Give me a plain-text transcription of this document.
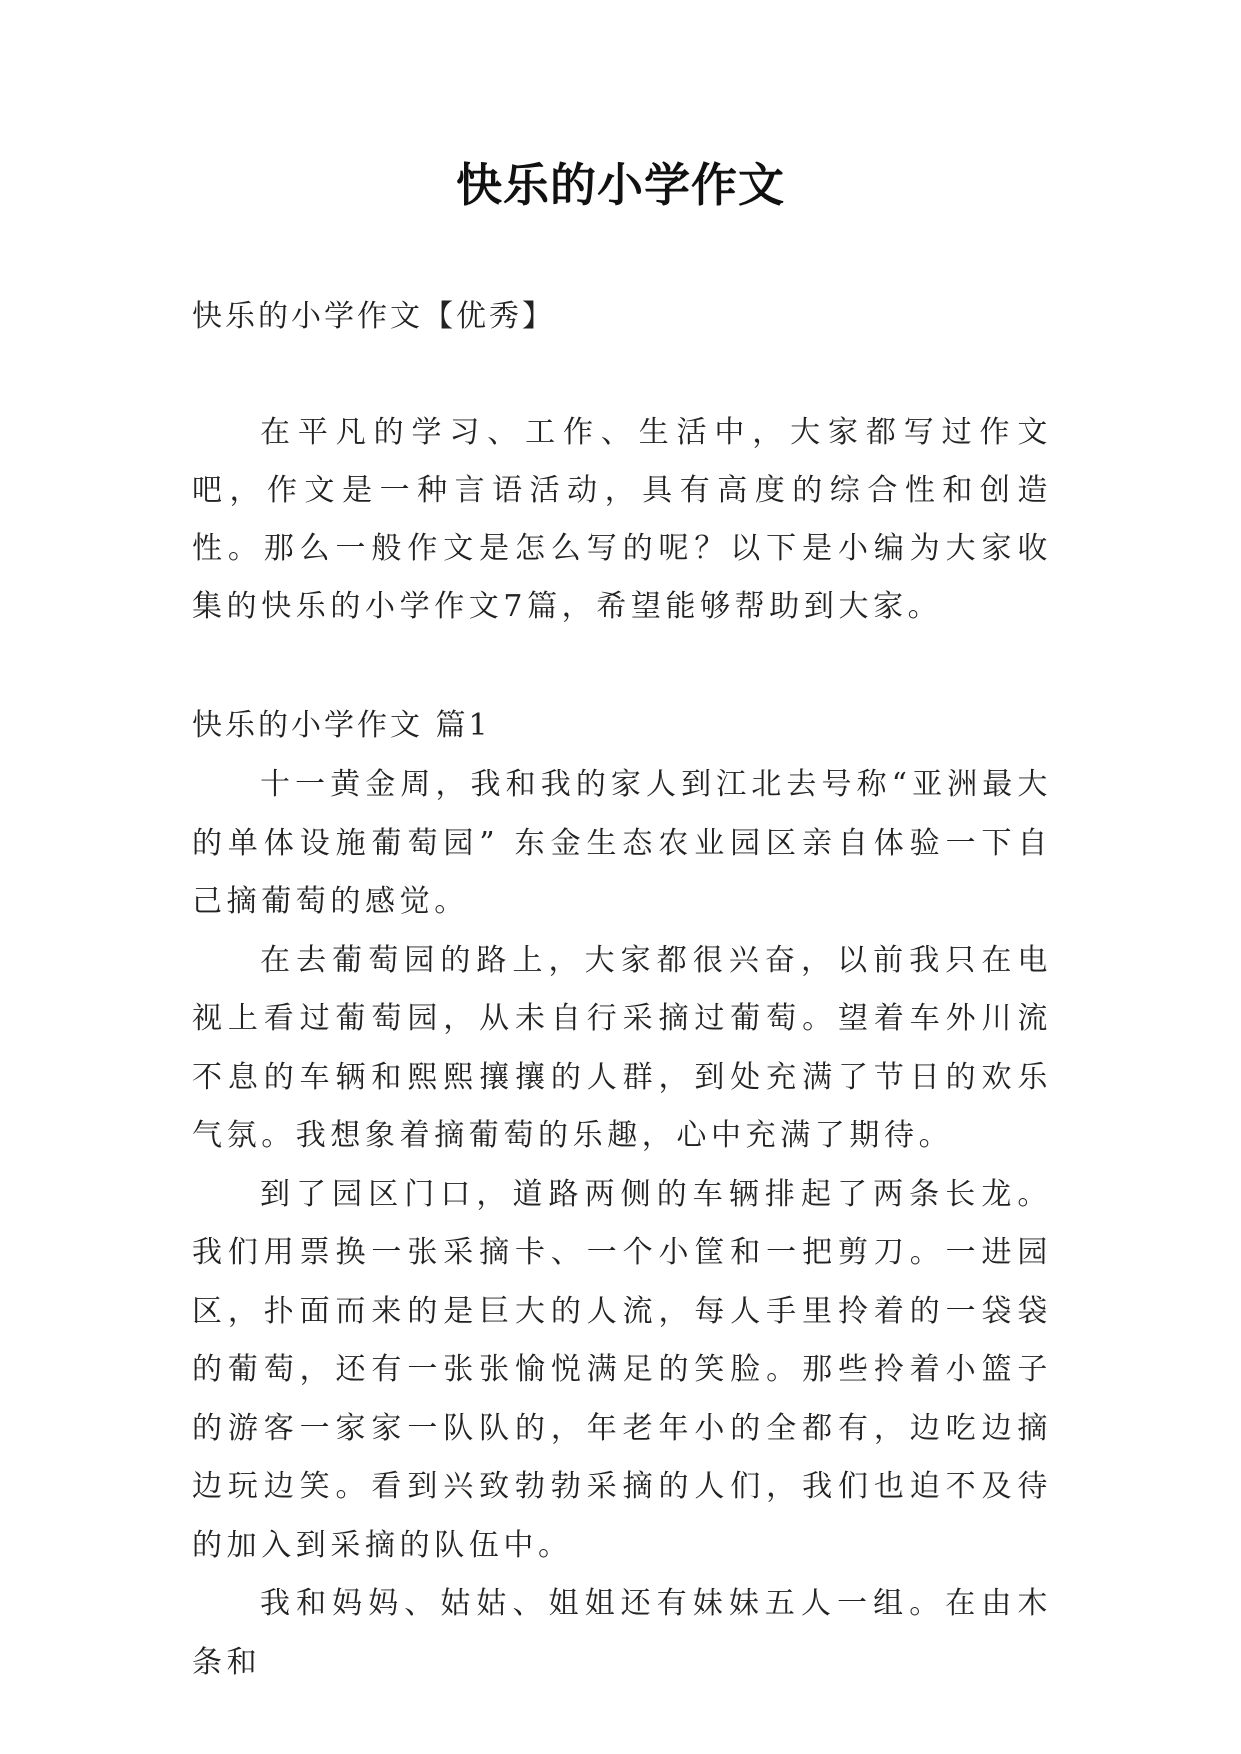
快乐的小学作文
快乐的小学作文【优秀】
在平凡的学习、工作、生活中，大家都写过作文吧，作文是一种言语活动，具有高度的综合性和创造性。那么一般作文是怎么写的呢？以下是小编为大家收集的快乐的小学作文7篇，希望能够帮助到大家。

快乐的小学作文 篇1

十一黄金周，我和我的家人到江北去号称“亚洲最大的单体设施葡萄园” 东金生态农业园区亲自体验一下自己摘葡萄的感觉。

在去葡萄园的路上，大家都很兴奋，以前我只在电视上看过葡萄园，从未自行采摘过葡萄。望着车外川流不息的车辆和熙熙攘攘的人群，到处充满了节日的欢乐气氛。我想象着摘葡萄的乐趣，心中充满了期待。

到了园区门口，道路两侧的车辆排起了两条长龙。我们用票换一张采摘卡、一个小筐和一把剪刀。一进园区，扑面而来的是巨大的人流，每人手里拎着的一袋袋的葡萄，还有一张张愉悦满足的笑脸。那些拎着小篮子的游客一家家一队队的，年老年小的全都有，边吃边摘边玩边笑。看到兴致勃勃采摘的人们，我们也迫不及待的加入到采摘的队伍中。

我和妈妈、姑姑、姐姐还有妹妹五人一组。在由木条和
